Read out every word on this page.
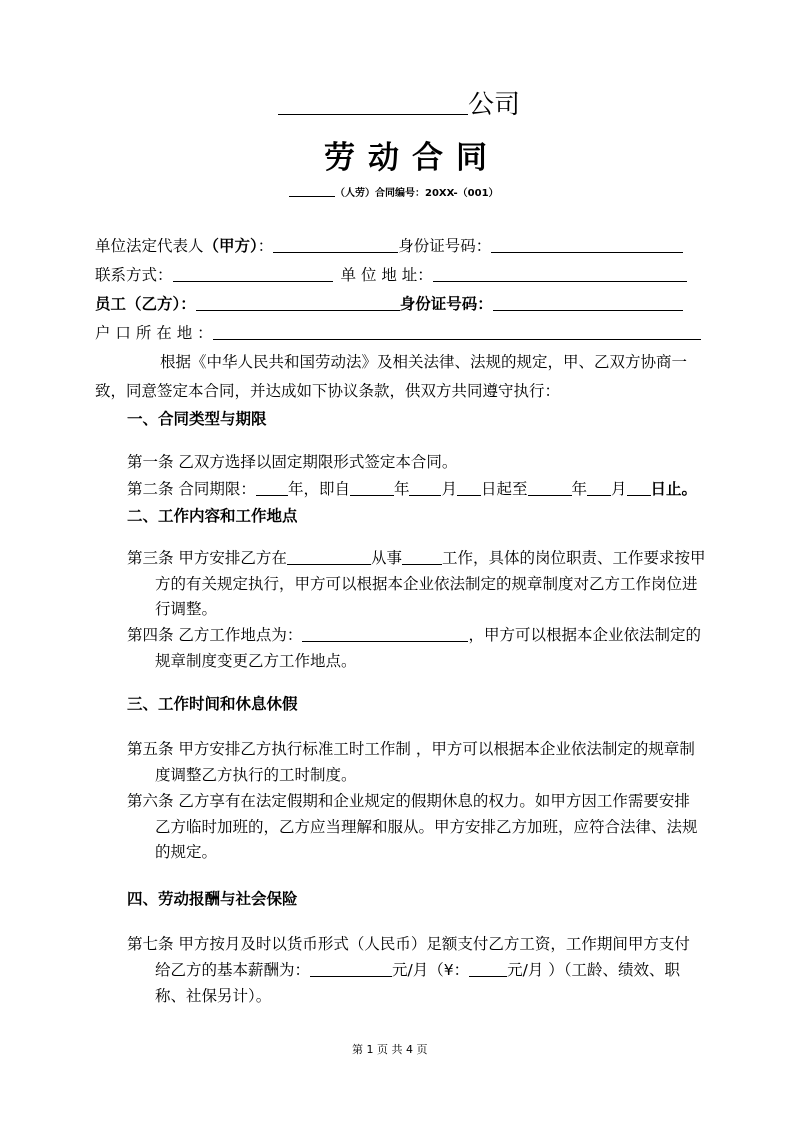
公司
劳动合同
（人劳）合同编号：20XX-（001）
单位法定代表人（甲方）：	身份证号码：
联系方式：	单 位 地 址：
员工（乙方）：	身份证号码：
户 口 所 在 地 ：
根据《中华人民共和国劳动法》及相关法律、法规的规定，甲、乙双方协商一
致，同意签定本合同，并达成如下协议条款，供双方共同遵守执行：
一、合同类型与期限
第一条 乙双方选择以固定期限形式签定本合同。
第二条 合同期限： 年，即自	年 月 日起至	年 月 日止。
二、工作内容和工作地点
第三条 甲方安排乙方在	从事	工作，具体的岗位职责、工作要求按甲
方的有关规定执行，甲方可以根据本企业依法制定的规章制度对乙方工作岗位进
行调整。
第四条 乙方工作地点为：	，甲方可以根据本企业依法制定的
规章制度变更乙方工作地点。
三、工作时间和休息休假
第五条 甲方安排乙方执行标准工时工作制 ，甲方可以根据本企业依法制定的规章制
度调整乙方执行的工时制度。
第六条 乙方享有在法定假期和企业规定的假期休息的权力。如甲方因工作需要安排
乙方临时加班的，乙方应当理解和服从。甲方安排乙方加班，应符合法律、法规
的规定。
四、劳动报酬与社会保险
第七条 甲方按月及时以货币形式（人民币）足额支付乙方工资，工作期间甲方支付
给乙方的基本薪酬为：	元/月（¥： 元/月 ）（工龄、绩效、职
称、社保另计）。
第 1 页 共 4 页
